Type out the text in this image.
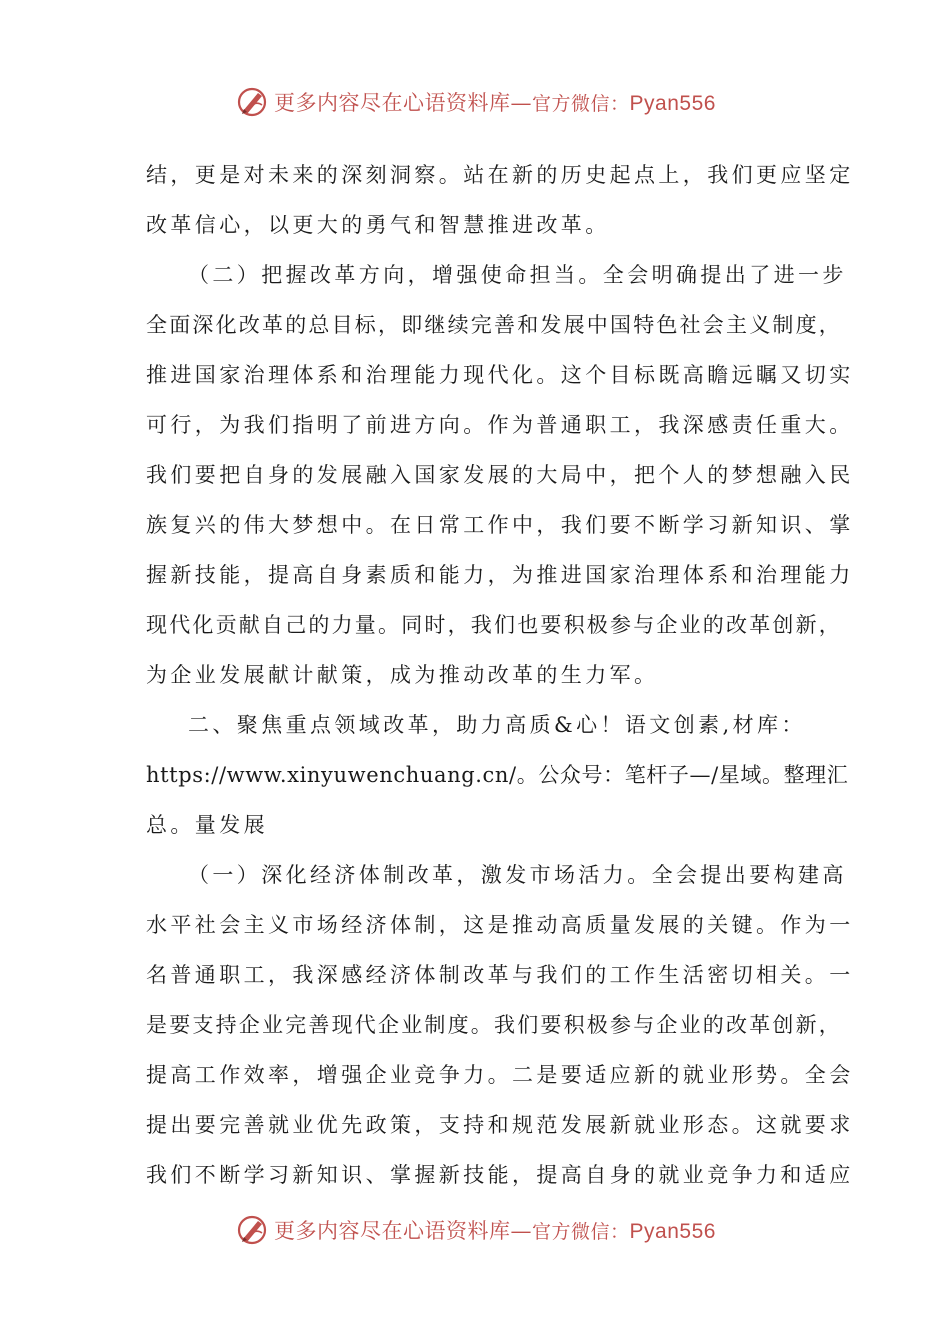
更多内容尽在心语资料库—官方微信：Pyan556
结，更是对未来的深刻洞察。站在新的历史起点上，我们更应坚定
改革信心，以更大的勇气和智慧推进改革。
（二）把握改革方向，增强使命担当。全会明确提出了进一步
全面深化改革的总目标，即继续完善和发展中国特色社会主义制度，
推进国家治理体系和治理能力现代化。这个目标既高瞻远瞩又切实
可行，为我们指明了前进方向。作为普通职工，我深感责任重大。
我们要把自身的发展融入国家发展的大局中，把个人的梦想融入民
族复兴的伟大梦想中。在日常工作中，我们要不断学习新知识、掌
握新技能，提高自身素质和能力，为推进国家治理体系和治理能力
现代化贡献自己的力量。同时，我们也要积极参与企业的改革创新，
为企业发展献计献策，成为推动改革的生力军。
二、聚焦重点领域改革，助力高质&心！语文创素,材库：
https://www.xinyuwenchuang.cn/。公众号：笔杆子—/星域。整理汇
总。量发展
（一）深化经济体制改革，激发市场活力。全会提出要构建高
水平社会主义市场经济体制，这是推动高质量发展的关键。作为一
名普通职工，我深感经济体制改革与我们的工作生活密切相关。一
是要支持企业完善现代企业制度。我们要积极参与企业的改革创新，
提高工作效率，增强企业竞争力。二是要适应新的就业形势。全会
提出要完善就业优先政策，支持和规范发展新就业形态。这就要求
我们不断学习新知识、掌握新技能，提高自身的就业竞争力和适应
更多内容尽在心语资料库—官方微信：Pyan556
